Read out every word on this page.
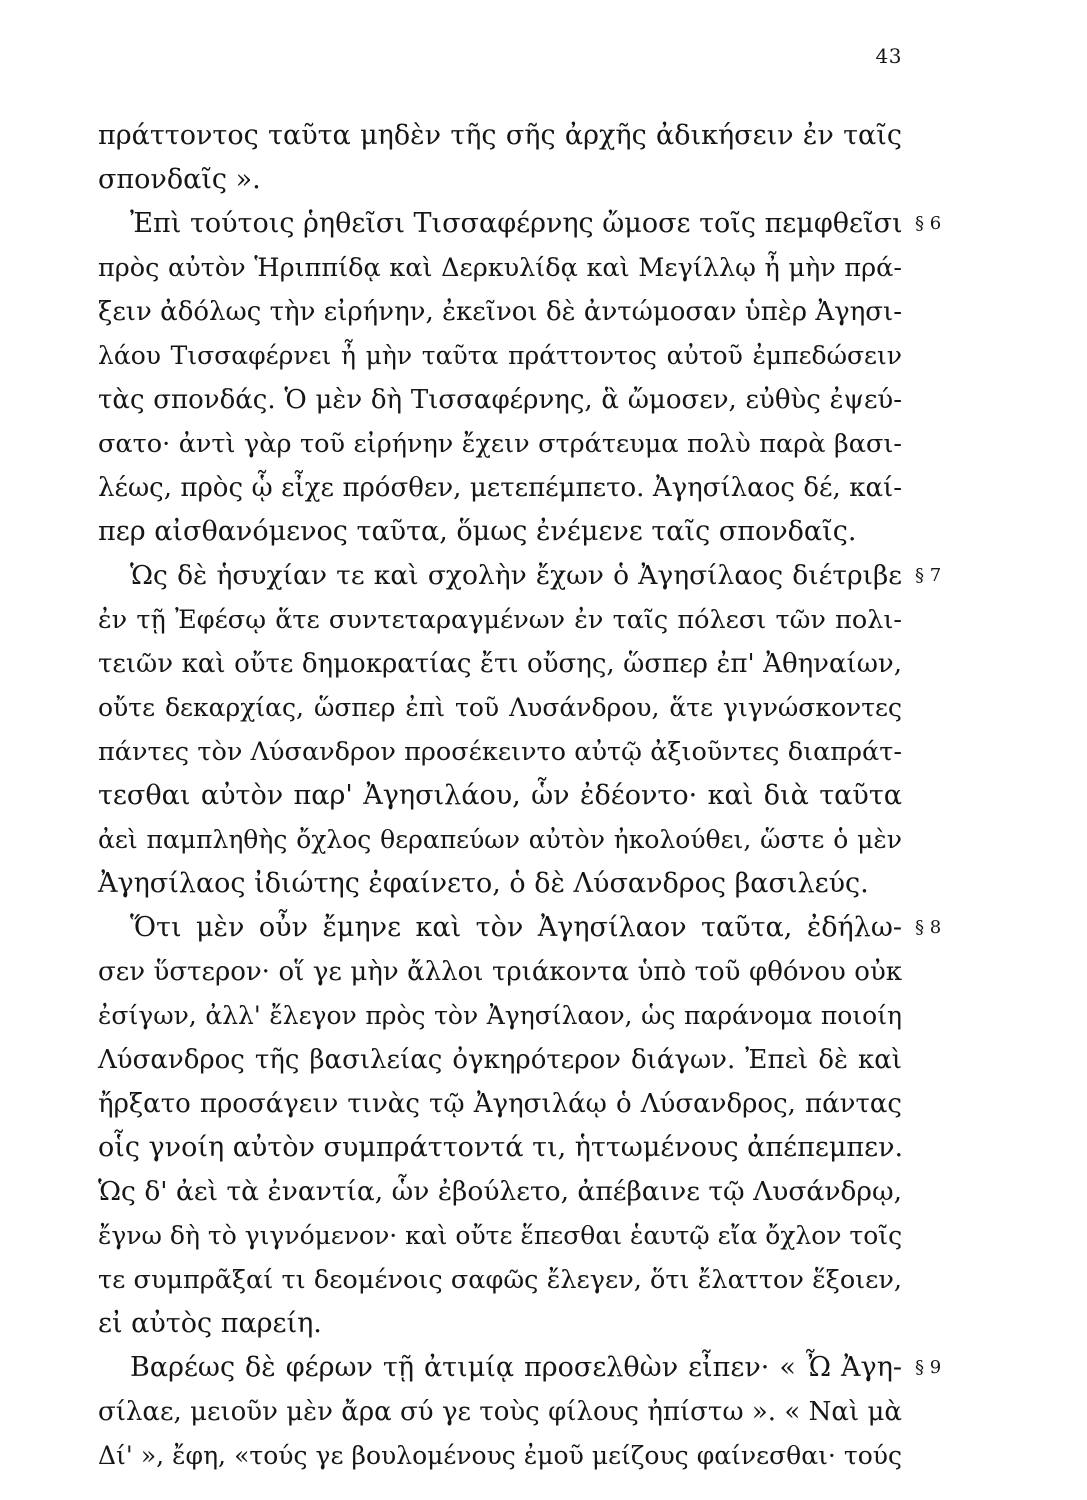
43
πράττοντος ταῦτα μηδὲν τῆς σῆς ἀρχῆς ἀδικήσειν ἐν ταῖς
σπονδαῖς ».
Ἐπὶ τούτοις ῥηθεῖσι Τισσαφέρνης ὤμοσε τοῖς πεμφθεῖσι
πρὸς αὐτὸν Ἡριππίδᾳ καὶ Δερκυλίδᾳ καὶ Μεγίλλῳ ἦ μὴν πρά-
ξειν ἀδόλως τὴν εἰρήνην, ἐκεῖνοι δὲ ἀντώμοσαν ὑπὲρ Ἀγησι-
λάου Τισσαφέρνει ἦ μὴν ταῦτα πράττοντος αὐτοῦ ἐμπεδώσειν
τὰς σπονδάς. Ὁ μὲν δὴ Τισσαφέρνης, ἃ ὤμοσεν, εὐθὺς ἐψεύ-
σατο· ἀντὶ γὰρ τοῦ εἰρήνην ἔχειν στράτευμα πολὺ παρὰ βασι-
λέως, πρὸς ᾧ εἶχε πρόσθεν, μετεπέμπετο. Ἀγησίλαος δέ, καί-
περ αἰσθανόμενος ταῦτα, ὅμως ἐνέμενε ταῖς σπονδαῖς.
Ὡς δὲ ἡσυχίαν τε καὶ σχολὴν ἔχων ὁ Ἀγησίλαος διέτριβε
ἐν τῇ Ἐφέσῳ ἅτε συντεταραγμένων ἐν ταῖς πόλεσι τῶν πολι-
τειῶν καὶ οὔτε δημοκρατίας ἔτι οὔσης, ὥσπερ ἐπ' Ἀθηναίων,
οὔτε δεκαρχίας, ὥσπερ ἐπὶ τοῦ Λυσάνδρου, ἅτε γιγνώσκοντες
πάντες τὸν Λύσανδρον προσέκειντο αὐτῷ ἀξιοῦντες διαπράτ-
τεσθαι αὐτὸν παρ' Ἀγησιλάου, ὧν ἐδέοντο· καὶ διὰ ταῦτα
ἀεὶ παμπληθὴς ὄχλος θεραπεύων αὐτὸν ἠκολούθει, ὥστε ὁ μὲν
Ἀγησίλαος ἰδιώτης ἐφαίνετο, ὁ δὲ Λύσανδρος βασιλεύς.
Ὅτι μὲν οὖν ἔμηνε καὶ τὸν Ἀγησίλαον ταῦτα, ἐδήλω-
σεν ὕστερον· οἵ γε μὴν ἄλλοι τριάκοντα ὑπὸ τοῦ φθόνου οὐκ
ἐσίγων, ἀλλ' ἔλεγον πρὸς τὸν Ἀγησίλαον, ὡς παράνομα ποιοίη
Λύσανδρος τῆς βασιλείας ὀγκηρότερον διάγων. Ἐπεὶ δὲ καὶ
ἤρξατο προσάγειν τινὰς τῷ Ἀγησιλάῳ ὁ Λύσανδρος, πάντας
οἷς γνοίη αὐτὸν συμπράττοντά τι, ἡττωμένους ἀπέπεμπεν.
Ὡς δ' ἀεὶ τὰ ἐναντία, ὧν ἐβούλετο, ἀπέβαινε τῷ Λυσάνδρῳ,
ἔγνω δὴ τὸ γιγνόμενον· καὶ οὔτε ἕπεσθαι ἑαυτῷ εἴα ὄχλον τοῖς
τε συμπρᾶξαί τι δεομένοις σαφῶς ἔλεγεν, ὅτι ἔλαττον ἕξοιεν,
εἰ αὐτὸς παρείη.
Βαρέως δὲ φέρων τῇ ἀτιμίᾳ προσελθὼν εἶπεν· « Ὦ Ἀγη-
σίλαε, μειοῦν μὲν ἄρα σύ γε τοὺς φίλους ἠπίστω ». « Ναὶ μὰ
Δί' », ἔφη, «τούς γε βουλομένους ἐμοῦ μείζους φαίνεσθαι· τούς
§ 6
§ 7
§ 8
§ 9
